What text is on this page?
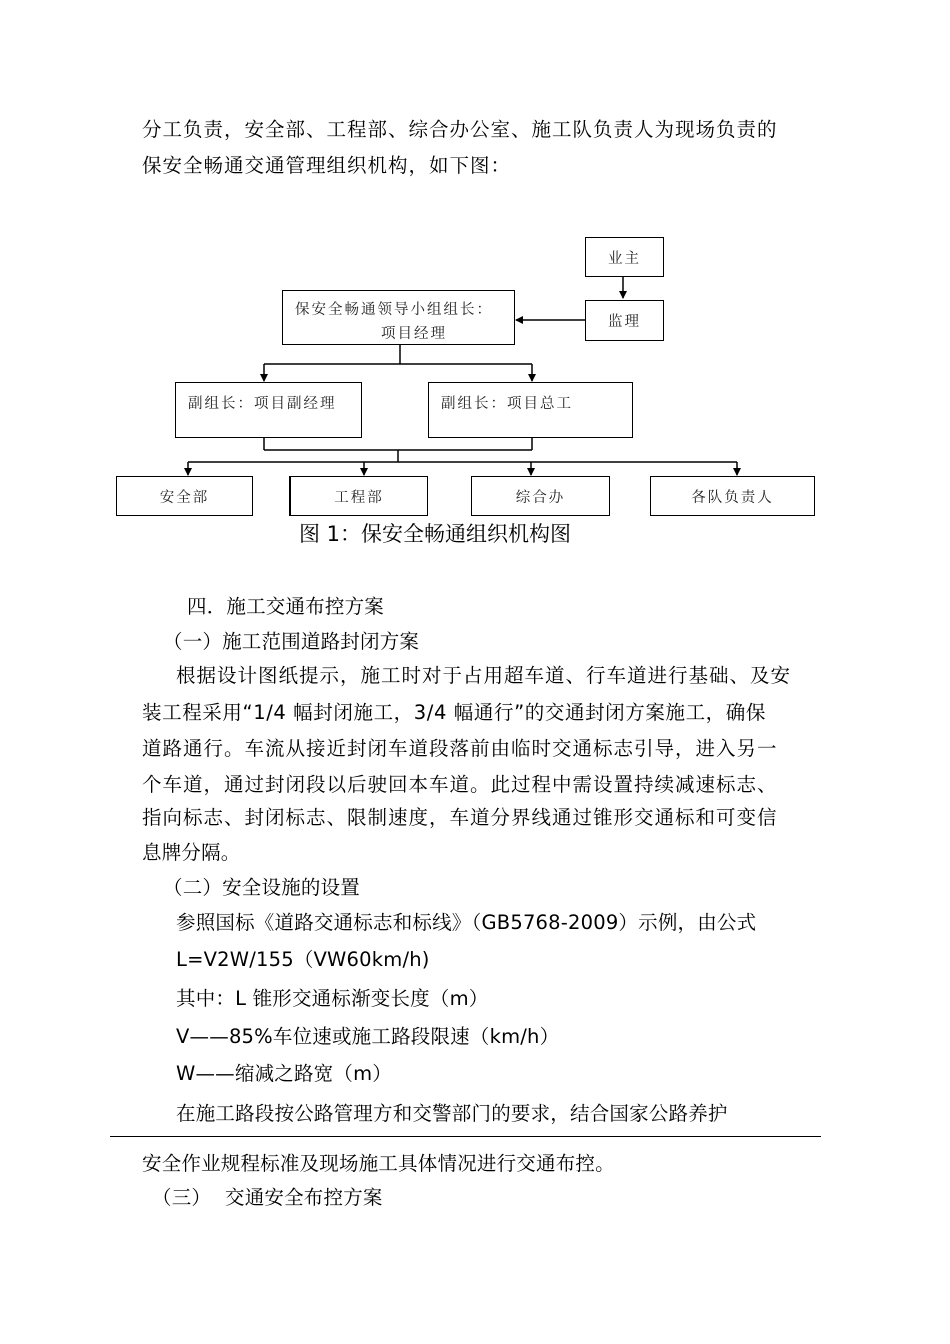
分工负责，安全部、工程部、综合办公室、施工队负责人为现场负责的
保安全畅通交通管理组织机构，如下图：
业主
监理
保安全畅通领导小组组长：
项目经理
副组长：项目副经理	副组长：项目总工
安全部	工程部	综合办	各队负责人
图 1：保安全畅通组织机构图
四．施工交通布控方案
（一）施工范围道路封闭方案
根据设计图纸提示，施工时对于占用超车道、行车道进行基础、及安
装工程采用“1/4 幅封闭施工，3/4 幅通行”的交通封闭方案施工，确保
道路通行。车流从接近封闭车道段落前由临时交通标志引导，进入另一
个车道，通过封闭段以后驶回本车道。此过程中需设置持续减速标志、
指向标志、封闭标志、限制速度，车道分界线通过锥形交通标和可变信
息牌分隔。
（二）安全设施的设置
参照国标《道路交通标志和标线》（GB5768-2009）示例，由公式
L=V2W/155（VW60km/h)
其中：L 锥形交通标渐变长度（m）
V——85%车位速或施工路段限速（km/h）
W——缩减之路宽（m）
在施工路段按公路管理方和交警部门的要求，结合国家公路养护
安全作业规程标准及现场施工具体情况进行交通布控。
（三） 交通安全布控方案
